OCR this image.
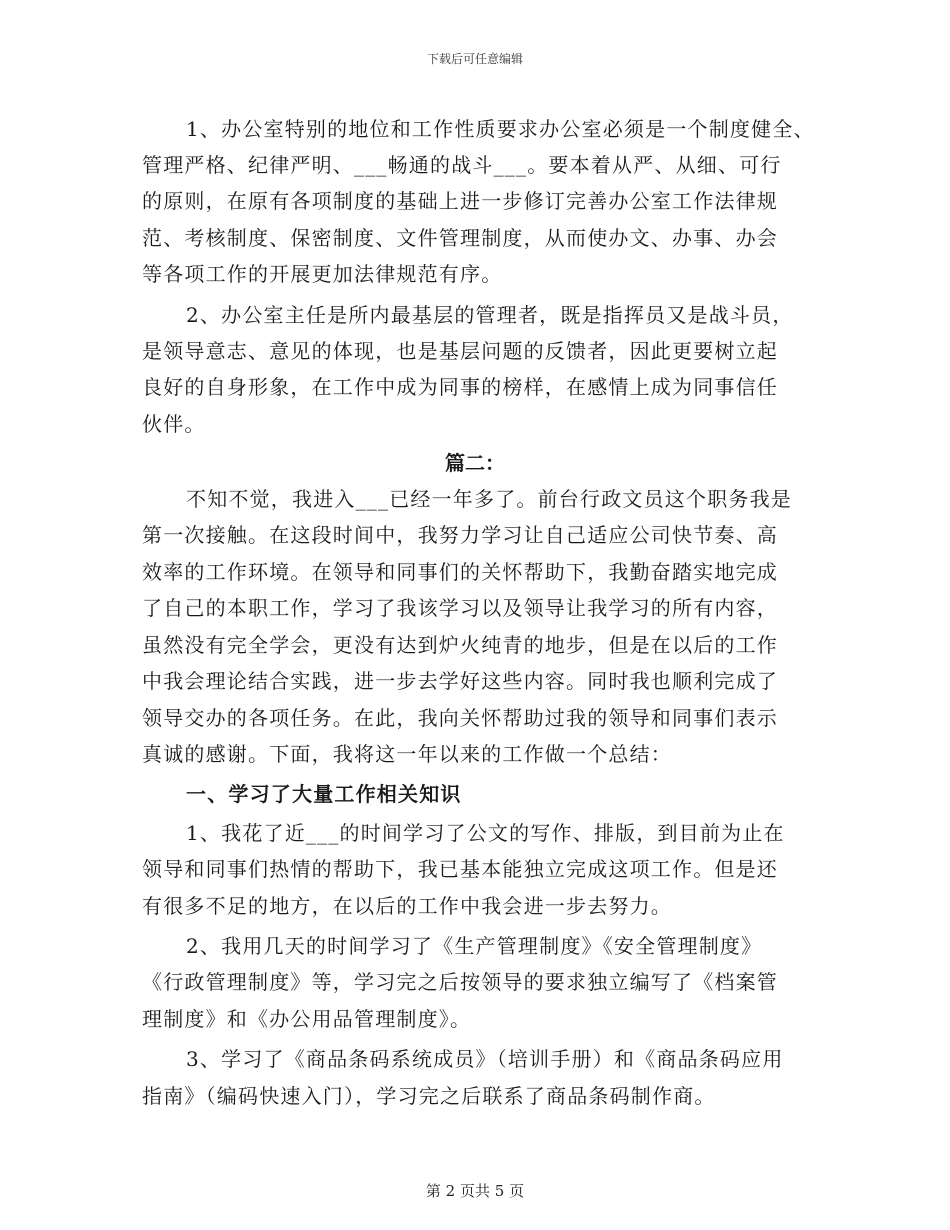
下载后可任意编辑
1、办公室特别的地位和工作性质要求办公室必须是一个制度健全、
管理严格、纪律严明、___畅通的战斗___。要本着从严、从细、可行
的原则，在原有各项制度的基础上进一步修订完善办公室工作法律规
范、考核制度、保密制度、文件管理制度，从而使办文、办事、办会
等各项工作的开展更加法律规范有序。
2、办公室主任是所内最基层的管理者，既是指挥员又是战斗员，
是领导意志、意见的体现，也是基层问题的反馈者，因此更要树立起
良好的自身形象，在工作中成为同事的榜样，在感情上成为同事信任
伙伴。
篇二：
不知不觉，我进入___已经一年多了。前台行政文员这个职务我是
第一次接触。在这段时间中，我努力学习让自己适应公司快节奏、高
效率的工作环境。在领导和同事们的关怀帮助下，我勤奋踏实地完成
了自己的本职工作，学习了我该学习以及领导让我学习的所有内容，
虽然没有完全学会，更没有达到炉火纯青的地步，但是在以后的工作
中我会理论结合实践，进一步去学好这些内容。同时我也顺利完成了
领导交办的各项任务。在此，我向关怀帮助过我的领导和同事们表示
真诚的感谢。下面，我将这一年以来的工作做一个总结：
一、学习了大量工作相关知识
1、我花了近___的时间学习了公文的写作、排版，到目前为止在
领导和同事们热情的帮助下，我已基本能独立完成这项工作。但是还
有很多不足的地方，在以后的工作中我会进一步去努力。
2、我用几天的时间学习了《生产管理制度》《安全管理制度》
《行政管理制度》等，学习完之后按领导的要求独立编写了《档案管
理制度》和《办公用品管理制度》。
3、学习了《商品条码系统成员》（培训手册）和《商品条码应用
指南》（编码快速入门），学习完之后联系了商品条码制作商。
第 2 页共 5 页
